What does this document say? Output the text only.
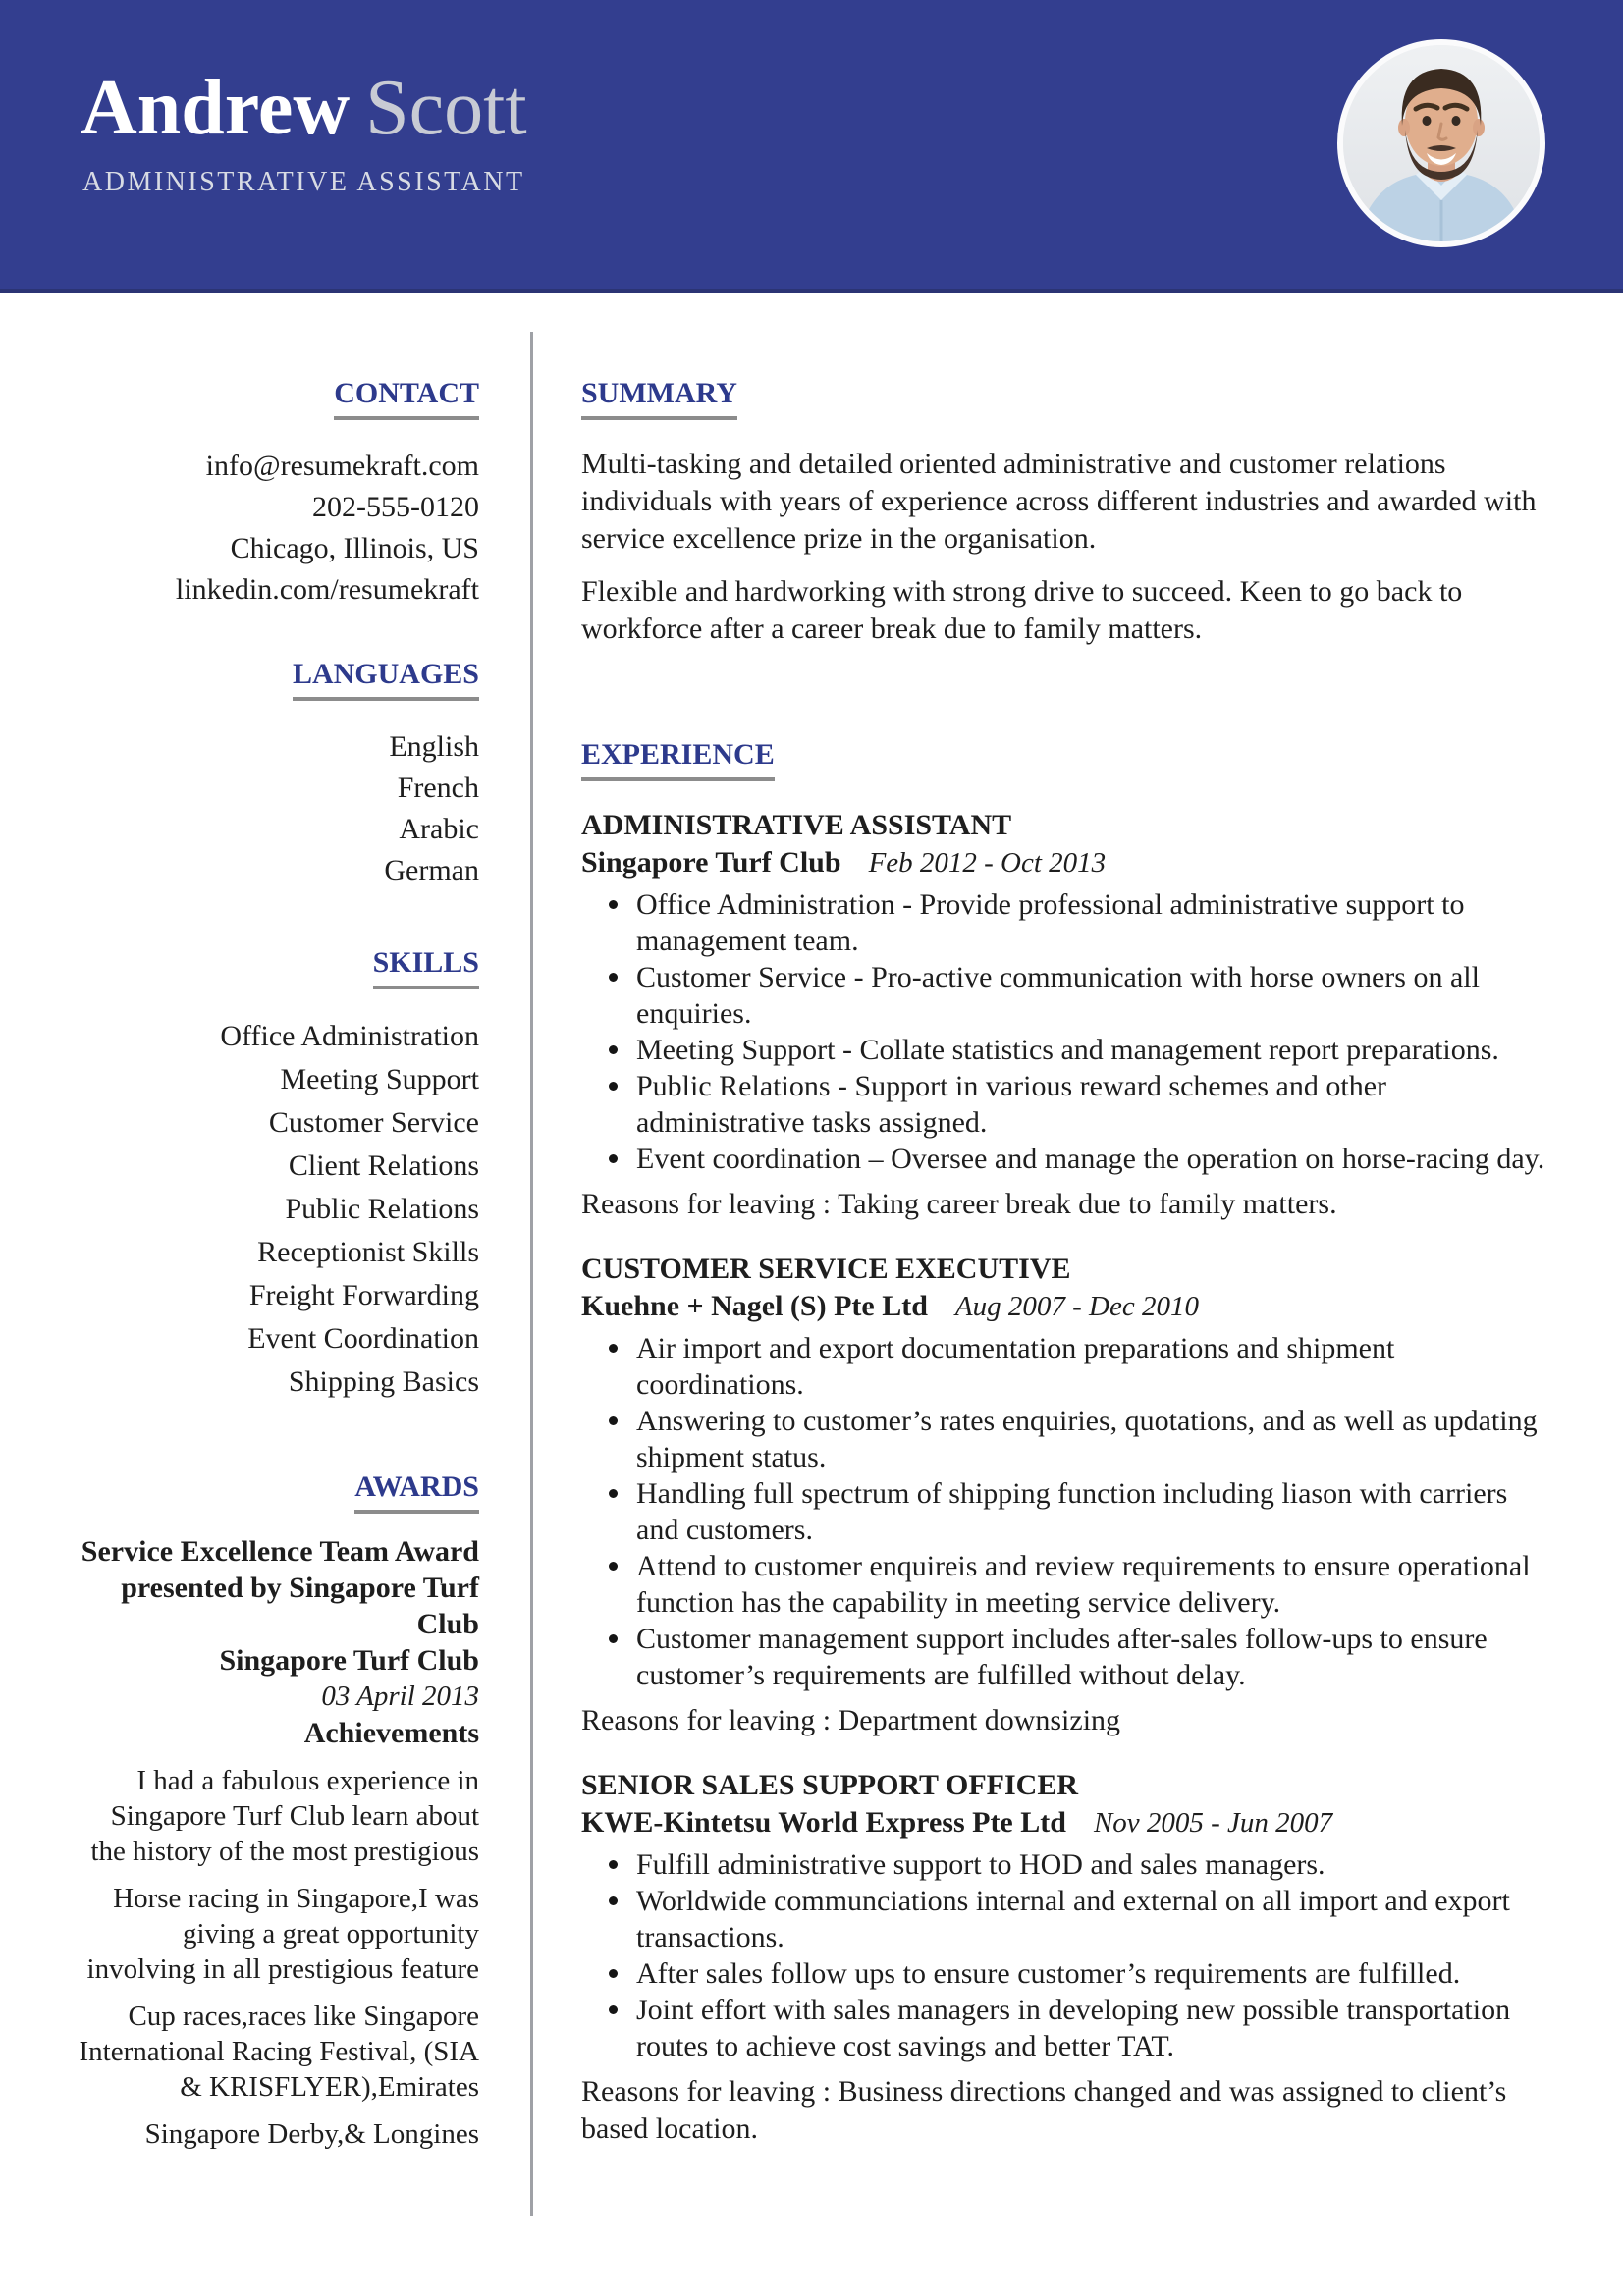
Andrew Scott
ADMINISTRATIVE ASSISTANT
CONTACT
info@resumekraft.com
202-555-0120
Chicago, Illinois, US
linkedin.com/resumekraft
LANGUAGES
English
French
Arabic
German
SKILLS
Office Administration
Meeting Support
Customer Service
Client Relations
Public Relations
Receptionist Skills
Freight Forwarding
Event Coordination
Shipping Basics
AWARDS
Service Excellence Team Award presented by Singapore Turf Club
Singapore Turf Club
03 April 2013
Achievements

I had a fabulous experience in Singapore Turf Club learn about the history of the most prestigious

Horse racing in Singapore,I was giving a great opportunity involving in all prestigious feature

Cup races,races like Singapore International Racing Festival, (SIA & KRISFLYER),Emirates

Singapore Derby,& Longines

SUMMARY

Multi-tasking and detailed oriented administrative and customer relations individuals with years of experience across different industries and awarded with service excellence prize in the organisation.

Flexible and hardworking with strong drive to succeed. Keen to go back to workforce after a career break due to family matters.

EXPERIENCE
ADMINISTRATIVE ASSISTANT
Singapore Turf Club Feb 2012 - Oct 2013
Office Administration - Provide professional administrative support to management team.
Customer Service - Pro-active communication with horse owners on all enquiries.
Meeting Support - Collate statistics and management report preparations.
Public Relations - Support in various reward schemes and other administrative tasks assigned.
Event coordination – Oversee and manage the operation on horse-racing day.
Reasons for leaving : Taking career break due to family matters.
CUSTOMER SERVICE EXECUTIVE
Kuehne + Nagel (S) Pte Ltd Aug 2007 - Dec 2010
Air import and export documentation preparations and shipment coordinations.
Answering to customer’s rates enquiries, quotations, and as well as updating shipment status.
Handling full spectrum of shipping function including liason with carriers and customers.
Attend to customer enquireis and review requirements to ensure operational function has the capability in meeting service delivery.
Customer management support includes after-sales follow-ups to ensure customer’s requirements are fulfilled without delay.
Reasons for leaving : Department downsizing
SENIOR SALES SUPPORT OFFICER
KWE-Kintetsu World Express Pte Ltd Nov 2005 - Jun 2007
Fulfill administrative support to HOD and sales managers.
Worldwide communciations internal and external on all import and export transactions.
After sales follow ups to ensure customer’s requirements are fulfilled.
Joint effort with sales managers in developing new possible transportation routes to achieve cost savings and better TAT.
Reasons for leaving : Business directions changed and was assigned to client’s based location.
